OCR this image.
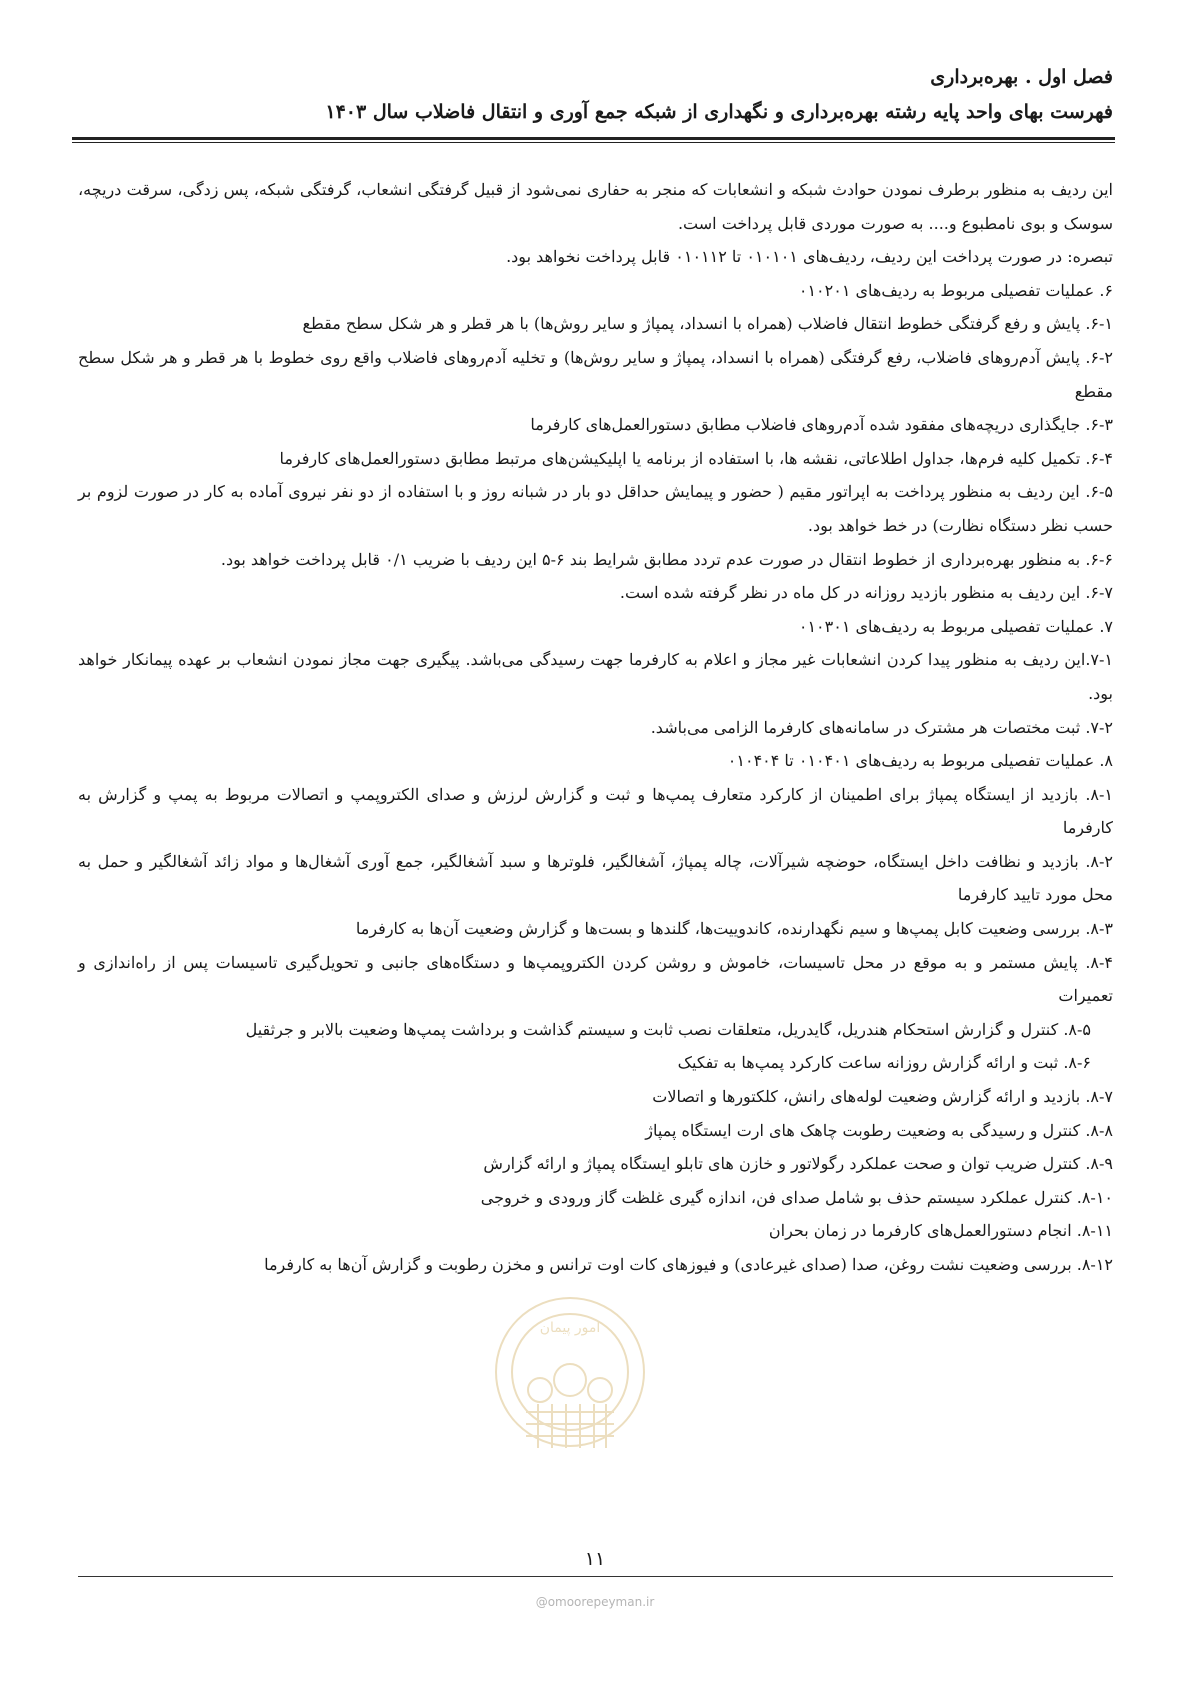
فصل اول . بهره‌برداری
فهرست بهای واحد پایه رشته بهره‌برداری و نگهداری از شبکه جمع آوری و انتقال فاضلاب سال ۱۴۰۳

این ردیف به منظور برطرف نمودن حوادث شبکه و انشعابات که منجر به حفاری نمی‌شود از قبیل گرفتگی انشعاب، گرفتگی شبکه، پس زدگی، سرقت دریچه، سوسک و بوی نامطبوع و.... به صورت موردی قابل پرداخت است.

تبصره: در صورت پرداخت این ردیف، ردیف‌های ۰۱۰۱۰۱ تا ۰۱۰۱۱۲ قابل پرداخت نخواهد بود.

۶. عملیات تفصیلی مربوط به ردیف‌های ۰۱۰۲۰۱

۶-۱. پایش و رفع گرفتگی خطوط انتقال فاضلاب (همراه با انسداد، پمپاژ و سایر روش‌ها) با هر قطر و هر شکل سطح مقطع

۶-۲. پایش آدم‌روهای فاضلاب، رفع گرفتگی (همراه با انسداد، پمپاژ و سایر روش‌ها) و تخلیه آدم‌روهای فاضلاب واقع روی خطوط با هر قطر و هر شکل سطح مقطع

۶-۳. جایگذاری دریچه‌های مفقود شده آدم‌روهای فاضلاب مطابق دستورالعمل‌های کارفرما

۶-۴. تکمیل کلیه فرم‌ها، جداول اطلاعاتی، نقشه ها، با استفاده از برنامه یا اپلیکیشن‌های مرتبط مطابق دستورالعمل‌های کارفرما

۶-۵. این ردیف به منظور پرداخت به اپراتور مقیم ( حضور و پیمایش حداقل دو بار در شبانه روز و با استفاده از دو نفر نیروی آماده به کار در صورت لزوم بر حسب نظر دستگاه نظارت) در خط خواهد بود.

۶-۶. به منظور بهره‌برداری از خطوط انتقال در صورت عدم تردد مطابق شرایط بند ۶-۵ این ردیف با ضریب ۰/۱ قابل پرداخت خواهد بود.

۶-۷. این ردیف به منظور بازدید روزانه در کل ماه در نظر گرفته شده است.

۷. عملیات تفصیلی مربوط به ردیف‌های ۰۱۰۳۰۱

۷-۱.این ردیف به منظور پیدا کردن انشعابات غیر مجاز و اعلام به کارفرما جهت رسیدگی می‌باشد. پیگیری جهت مجاز نمودن انشعاب بر عهده پیمانکار خواهد بود.

۷-۲. ثبت مختصات هر مشترک در سامانه‌های کارفرما الزامی می‌باشد.

۸. عملیات تفصیلی مربوط به ردیف‌های ۰۱۰۴۰۱ تا ۰۱۰۴۰۴

۸-۱. بازدید از ایستگاه پمپاژ برای اطمینان از کارکرد متعارف پمپ‌ها و ثبت و گزارش لرزش و صدای الکتروپمپ و اتصالات مربوط به پمپ و گزارش به کارفرما

۸-۲. بازدید و نظافت داخل ایستگاه، حوضچه شیرآلات، چاله پمپاژ، آشغالگیر، فلوترها و سبد آشغالگیر، جمع آوری آشغال‌ها و مواد زائد آشغالگیر و حمل به محل مورد تایید کارفرما

۸-۳. بررسی وضعیت کابل پمپ‌ها و سیم نگهدارنده، کاندوییت‌ها، گلندها و بست‌ها و گزارش وضعیت آن‌ها به کارفرما

۸-۴. پایش مستمر و به موقع در محل تاسیسات، خاموش و روشن کردن الکتروپمپ‌ها و دستگاه‌های جانبی و تحویل‌گیری تاسیسات پس از راه‌اندازی و تعمیرات

۸-۵. کنترل و گزارش استحکام هندریل، گایدریل، متعلقات نصب ثابت و سیستم گذاشت و برداشت پمپ‌ها وضعیت بالابر و جرثقیل

۸-۶. ثبت و ارائه گزارش روزانه ساعت کارکرد پمپ‌ها به تفکیک

۸-۷. بازدید و ارائه گزارش وضعیت لوله‌های رانش، کلکتورها و اتصالات

۸-۸. کنترل و رسیدگی به وضعیت رطوبت چاهک های ارت ایستگاه پمپاژ

۸-۹. کنترل ضریب توان و صحت عملکرد رگولاتور و خازن های تابلو ایستگاه پمپاژ و ارائه گزارش

۸-۱۰. کنترل عملکرد سیستم حذف بو شامل صدای فن، اندازه گیری غلظت گاز ورودی و خروجی

۸-۱۱. انجام دستورالعمل‌های کارفرما در زمان بحران

۸-۱۲. بررسی وضعیت نشت روغن، صدا (صدای غیرعادی) و فیوزهای کات اوت ترانس و مخزن رطوبت و گزارش آن‌ها به کارفرما

امور پیمان
۱۱
@omoorepeyman.ir
